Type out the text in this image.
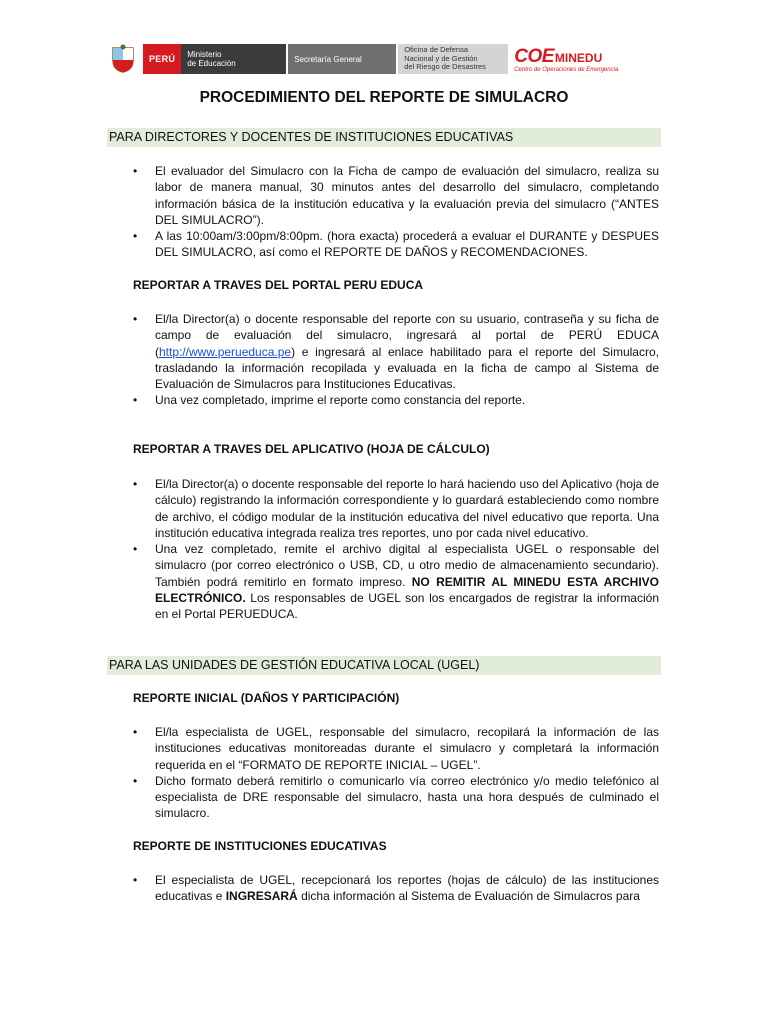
PERÚ Ministerio
de Educación	Secretaría General
Oficina de Defensa
Nacional y de Gestión
del Riesgo de Desastres
COE MINEDU
Centro de Operaciones de Emergencia
PROCEDIMIENTO DEL REPORTE DE SIMULACRO
PARA DIRECTORES Y DOCENTES DE INSTITUCIONES EDUCATIVAS
• El evaluador del Simulacro con la Ficha de campo de evaluación del simulacro, realiza su labor de manera manual, 30 minutos antes del desarrollo del simulacro, completando información básica de la institución educativa y la evaluación previa del simulacro (“ANTES DEL SIMULACRO”).
• A las 10:00am/3:00pm/8:00pm. (hora exacta) procederá a evaluar el DURANTE y DESPUES DEL SIMULACRO, así como el REPORTE DE DAÑOS y RECOMENDACIONES.
REPORTAR A TRAVES DEL PORTAL PERU EDUCA
• El/la Director(a) o docente responsable del reporte con su usuario, contraseña y su ficha de campo de evaluación del simulacro, ingresará al portal de PERÚ EDUCA (http://www.perueduca.pe) e ingresará al enlace habilitado para el reporte del Simulacro, trasladando la información recopilada y evaluada en la ficha de campo al Sistema de Evaluación de Simulacros para Instituciones Educativas.
• Una vez completado, imprime el reporte como constancia del reporte.
REPORTAR A TRAVES DEL APLICATIVO (HOJA DE CÁLCULO)
• El/la Director(a) o docente responsable del reporte lo hará haciendo uso del Aplicativo (hoja de cálculo) registrando la información correspondiente y lo guardará estableciendo como nombre de archivo, el código modular de la institución educativa del nivel educativo que reporta. Una institución educativa integrada realiza tres reportes, uno por cada nivel educativo.
• Una vez completado, remite el archivo digital al especialista UGEL o responsable del simulacro (por correo electrónico o USB, CD, u otro medio de almacenamiento secundario). También podrá remitirlo en formato impreso. NO REMITIR AL MINEDU ESTA ARCHIVO ELECTRÓNICO. Los responsables de UGEL son los encargados de registrar la información en el Portal PERUEDUCA.
PARA LAS UNIDADES DE GESTIÓN EDUCATIVA LOCAL (UGEL)
REPORTE INICIAL (DAÑOS Y PARTICIPACIÓN)
• El/la especialista de UGEL, responsable del simulacro, recopilará la información de las instituciones educativas monitoreadas durante el simulacro y completará la información requerida en el “FORMATO DE REPORTE INICIAL – UGEL”.
• Dicho formato deberá remitirlo o comunicarlo vía correo electrónico y/o medio telefónico al especialista de DRE responsable del simulacro, hasta una hora después de culminado el simulacro.
REPORTE DE INSTITUCIONES EDUCATIVAS
• El especialista de UGEL, recepcionará los reportes (hojas de cálculo) de las instituciones educativas e INGRESARÁ dicha información al Sistema de Evaluación de Simulacros para
